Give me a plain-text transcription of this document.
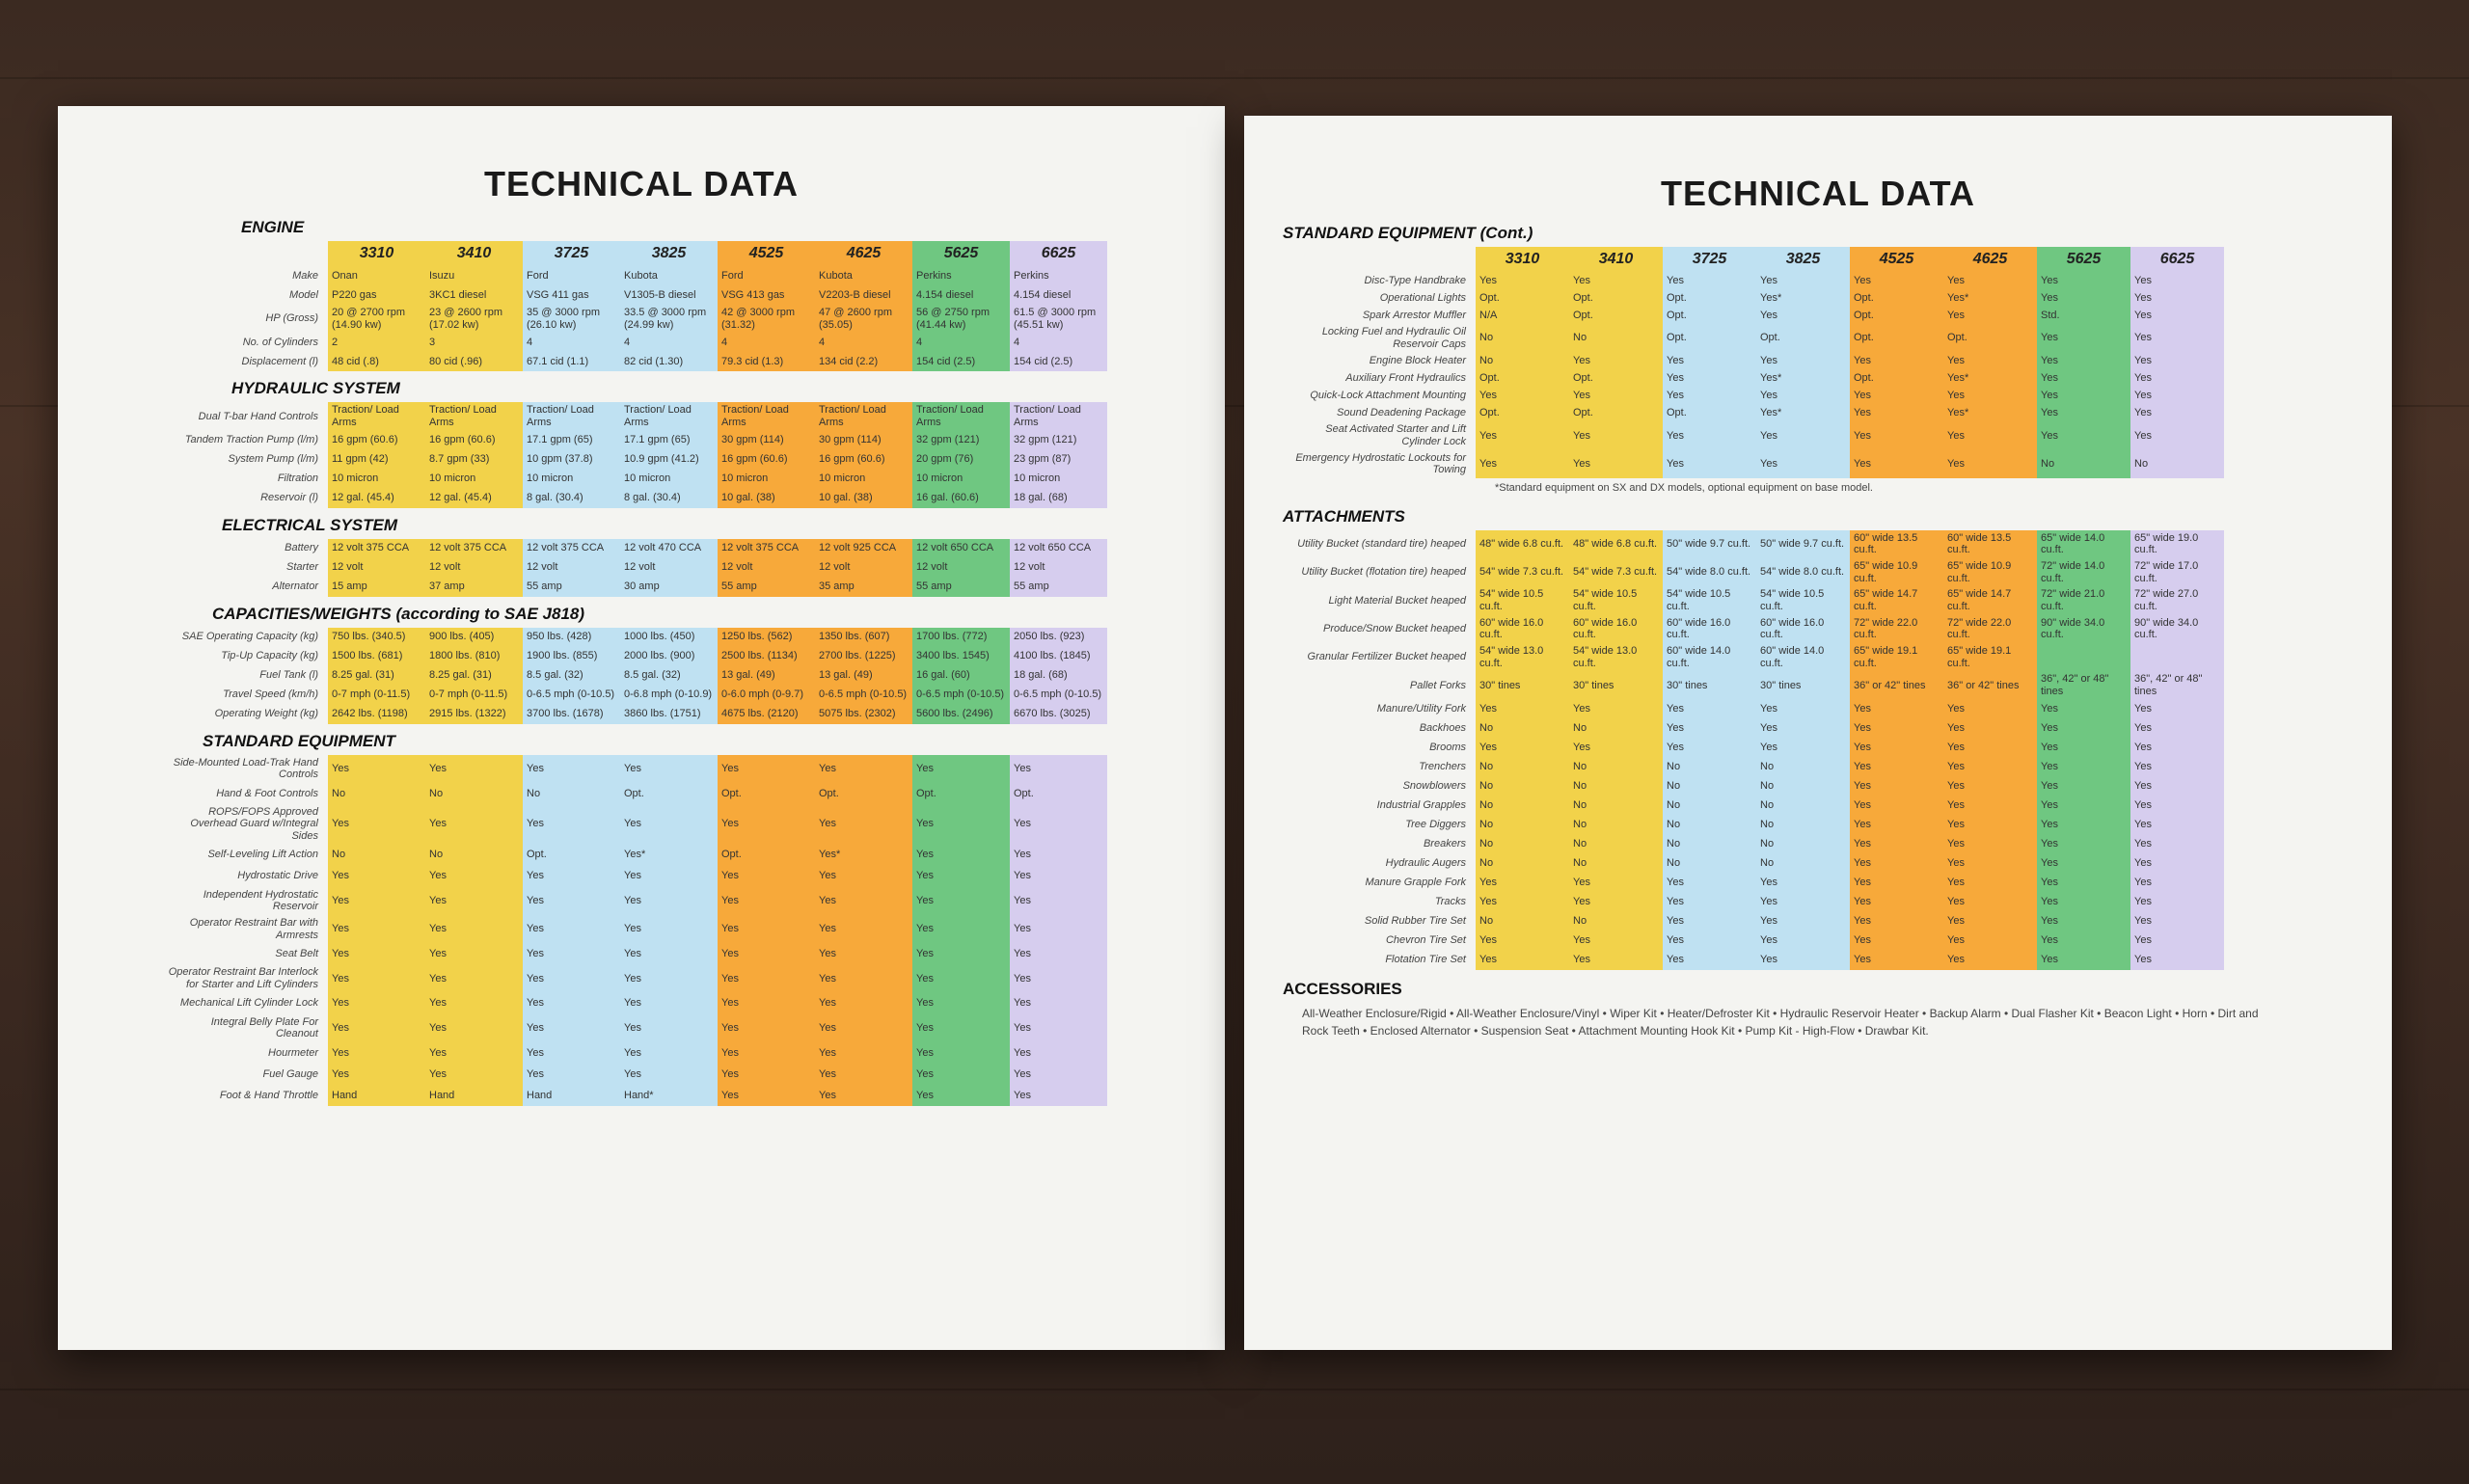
TECHNICAL DATA
ENGINE
	3310	3410	3725	3825	4525	4625	5625	6625
Make	Onan	Isuzu	Ford	Kubota	Ford	Kubota	Perkins	Perkins
Model	P220 gas	3KC1 diesel	VSG 411 gas	V1305-B diesel	VSG 413 gas	V2203-B diesel	4.154 diesel	4.154 diesel
HP (Gross)	20 @ 2700 rpm (14.90 kw)	23 @ 2600 rpm (17.02 kw)	35 @ 3000 rpm (26.10 kw)	33.5 @ 3000 rpm (24.99 kw)	42 @ 3000 rpm (31.32)	47 @ 2600 rpm (35.05)	56 @ 2750 rpm (41.44 kw)	61.5 @ 3000 rpm (45.51 kw)
No. of Cylinders	2	3	4	4	4	4	4	4
Displacement (l)	48 cid (.8)	80 cid (.96)	67.1 cid (1.1)	82 cid (1.30)	79.3 cid (1.3)	134 cid (2.2)	154 cid (2.5)	154 cid (2.5)
HYDRAULIC SYSTEM
Dual T-bar Hand Controls	Traction/ Load Arms	Traction/ Load Arms	Traction/ Load Arms	Traction/ Load Arms	Traction/ Load Arms	Traction/ Load Arms	Traction/ Load Arms	Traction/ Load Arms
Tandem Traction Pump (l/m)	16 gpm (60.6)	16 gpm (60.6)	17.1 gpm (65)	17.1 gpm (65)	30 gpm (114)	30 gpm (114)	32 gpm (121)	32 gpm (121)
System Pump (l/m)	11 gpm (42)	8.7 gpm (33)	10 gpm (37.8)	10.9 gpm (41.2)	16 gpm (60.6)	16 gpm (60.6)	20 gpm (76)	23 gpm (87)
Filtration	10 micron	10 micron	10 micron	10 micron	10 micron	10 micron	10 micron	10 micron
Reservoir (l)	12 gal. (45.4)	12 gal. (45.4)	8 gal. (30.4)	8 gal. (30.4)	10 gal. (38)	10 gal. (38)	16 gal. (60.6)	18 gal. (68)
ELECTRICAL SYSTEM
Battery	12 volt 375 CCA	12 volt 375 CCA	12 volt 375 CCA	12 volt 470 CCA	12 volt 375 CCA	12 volt 925 CCA	12 volt 650 CCA	12 volt 650 CCA
Starter	12 volt	12 volt	12 volt	12 volt	12 volt	12 volt	12 volt	12 volt
Alternator	15 amp	37 amp	55 amp	30 amp	55 amp	35 amp	55 amp	55 amp
CAPACITIES/WEIGHTS (according to SAE J818)
SAE Operating Capacity (kg)	750 lbs. (340.5)	900 lbs. (405)	950 lbs. (428)	1000 lbs. (450)	1250 lbs. (562)	1350 lbs. (607)	1700 lbs. (772)	2050 lbs. (923)
Tip-Up Capacity (kg)	1500 lbs. (681)	1800 lbs. (810)	1900 lbs. (855)	2000 lbs. (900)	2500 lbs. (1134)	2700 lbs. (1225)	3400 lbs. 1545)	4100 lbs. (1845)
Fuel Tank (l)	8.25 gal. (31)	8.25 gal. (31)	8.5 gal. (32)	8.5 gal. (32)	13 gal. (49)	13 gal. (49)	16 gal. (60)	18 gal. (68)
Travel Speed (km/h)	0-7 mph (0-11.5)	0-7 mph (0-11.5)	0-6.5 mph (0-10.5)	0-6.8 mph (0-10.9)	0-6.0 mph (0-9.7)	0-6.5 mph (0-10.5)	0-6.5 mph (0-10.5)	0-6.5 mph (0-10.5)
Operating Weight (kg)	2642 lbs. (1198)	2915 lbs. (1322)	3700 lbs. (1678)	3860 lbs. (1751)	4675 lbs. (2120)	5075 lbs. (2302)	5600 lbs. (2496)	6670 lbs. (3025)
STANDARD EQUIPMENT
Side-Mounted Load-Trak Hand Controls	Yes	Yes	Yes	Yes	Yes	Yes	Yes	Yes
Hand & Foot Controls	No	No	No	Opt.	Opt.	Opt.	Opt.	Opt.
ROPS/FOPS Approved Overhead Guard w/Integral Sides	Yes	Yes	Yes	Yes	Yes	Yes	Yes	Yes
Self-Leveling Lift Action	No	No	Opt.	Yes*	Opt.	Yes*	Yes	Yes
Hydrostatic Drive	Yes	Yes	Yes	Yes	Yes	Yes	Yes	Yes
Independent Hydrostatic Reservoir	Yes	Yes	Yes	Yes	Yes	Yes	Yes	Yes
Operator Restraint Bar with Armrests	Yes	Yes	Yes	Yes	Yes	Yes	Yes	Yes
Seat Belt	Yes	Yes	Yes	Yes	Yes	Yes	Yes	Yes
Operator Restraint Bar Interlock for Starter and Lift Cylinders	Yes	Yes	Yes	Yes	Yes	Yes	Yes	Yes
Mechanical Lift Cylinder Lock	Yes	Yes	Yes	Yes	Yes	Yes	Yes	Yes
Integral Belly Plate For Cleanout	Yes	Yes	Yes	Yes	Yes	Yes	Yes	Yes
Hourmeter	Yes	Yes	Yes	Yes	Yes	Yes	Yes	Yes
Fuel Gauge	Yes	Yes	Yes	Yes	Yes	Yes	Yes	Yes
Foot & Hand Throttle	Hand	Hand	Hand	Hand*	Yes	Yes	Yes	Yes
TECHNICAL DATA
STANDARD EQUIPMENT (Cont.)
	3310	3410	3725	3825	4525	4625	5625	6625
Disc-Type Handbrake	Yes	Yes	Yes	Yes	Yes	Yes	Yes	Yes
Operational Lights	Opt.	Opt.	Opt.	Yes*	Opt.	Yes*	Yes	Yes
Spark Arrestor Muffler	N/A	Opt.	Opt.	Yes	Opt.	Yes	Std.	Yes
Locking Fuel and Hydraulic Oil Reservoir Caps	No	No	Opt.	Opt.	Opt.	Opt.	Yes	Yes
Engine Block Heater	No	Yes	Yes	Yes	Yes	Yes	Yes	Yes
Auxiliary Front Hydraulics	Opt.	Opt.	Yes	Yes*	Opt.	Yes*	Yes	Yes
Quick-Lock Attachment Mounting	Yes	Yes	Yes	Yes	Yes	Yes	Yes	Yes
Sound Deadening Package	Opt.	Opt.	Opt.	Yes*	Yes	Yes*	Yes	Yes
Seat Activated Starter and Lift Cylinder Lock	Yes	Yes	Yes	Yes	Yes	Yes	Yes	Yes
Emergency Hydrostatic Lockouts for Towing	Yes	Yes	Yes	Yes	Yes	Yes	No	No
*Standard equipment on SX and DX models, optional equipment on base model.
ATTACHMENTS
Utility Bucket (standard tire) heaped	48" wide 6.8 cu.ft.	48" wide 6.8 cu.ft.	50" wide 9.7 cu.ft.	50" wide 9.7 cu.ft.	60" wide 13.5 cu.ft.	60" wide 13.5 cu.ft.	65" wide 14.0 cu.ft.	65" wide 19.0 cu.ft.
Utility Bucket (flotation tire) heaped	54" wide 7.3 cu.ft.	54" wide 7.3 cu.ft.	54" wide 8.0 cu.ft.	54" wide 8.0 cu.ft.	65" wide 10.9 cu.ft.	65" wide 10.9 cu.ft.	72" wide 14.0 cu.ft.	72" wide 17.0 cu.ft.
Light Material Bucket heaped	54" wide 10.5 cu.ft.	54" wide 10.5 cu.ft.	54" wide 10.5 cu.ft.	54" wide 10.5 cu.ft.	65" wide 14.7 cu.ft.	65" wide 14.7 cu.ft.	72" wide 21.0 cu.ft.	72" wide 27.0 cu.ft.
Produce/Snow Bucket heaped	60" wide 16.0 cu.ft.	60" wide 16.0 cu.ft.	60" wide 16.0 cu.ft.	60" wide 16.0 cu.ft.	72" wide 22.0 cu.ft.	72" wide 22.0 cu.ft.	90" wide 34.0 cu.ft.	90" wide 34.0 cu.ft.
Granular Fertilizer Bucket heaped	54" wide 13.0 cu.ft.	54" wide 13.0 cu.ft.	60" wide 14.0 cu.ft.	60" wide 14.0 cu.ft.	65" wide 19.1 cu.ft.	65" wide 19.1 cu.ft.		
Pallet Forks	30" tines	30" tines	30" tines	30" tines	36" or 42" tines	36" or 42" tines	36", 42" or 48" tines	36", 42" or 48" tines
Manure/Utility Fork	Yes	Yes	Yes	Yes	Yes	Yes	Yes	Yes
Backhoes	No	No	Yes	Yes	Yes	Yes	Yes	Yes
Brooms	Yes	Yes	Yes	Yes	Yes	Yes	Yes	Yes
Trenchers	No	No	No	No	Yes	Yes	Yes	Yes
Snowblowers	No	No	No	No	Yes	Yes	Yes	Yes
Industrial Grapples	No	No	No	No	Yes	Yes	Yes	Yes
Tree Diggers	No	No	No	No	Yes	Yes	Yes	Yes
Breakers	No	No	No	No	Yes	Yes	Yes	Yes
Hydraulic Augers	No	No	No	No	Yes	Yes	Yes	Yes
Manure Grapple Fork	Yes	Yes	Yes	Yes	Yes	Yes	Yes	Yes
Tracks	Yes	Yes	Yes	Yes	Yes	Yes	Yes	Yes
Solid Rubber Tire Set	No	No	Yes	Yes	Yes	Yes	Yes	Yes
Chevron Tire Set	Yes	Yes	Yes	Yes	Yes	Yes	Yes	Yes
Flotation Tire Set	Yes	Yes	Yes	Yes	Yes	Yes	Yes	Yes
ACCESSORIES
All-Weather Enclosure/Rigid • All-Weather Enclosure/Vinyl • Wiper Kit • Heater/Defroster Kit • Hydraulic Reservoir Heater • Backup Alarm • Dual Flasher Kit • Beacon Light • Horn • Dirt and Rock Teeth • Enclosed Alternator • Suspension Seat • Attachment Mounting Hook Kit • Pump Kit - High-Flow • Drawbar Kit.
